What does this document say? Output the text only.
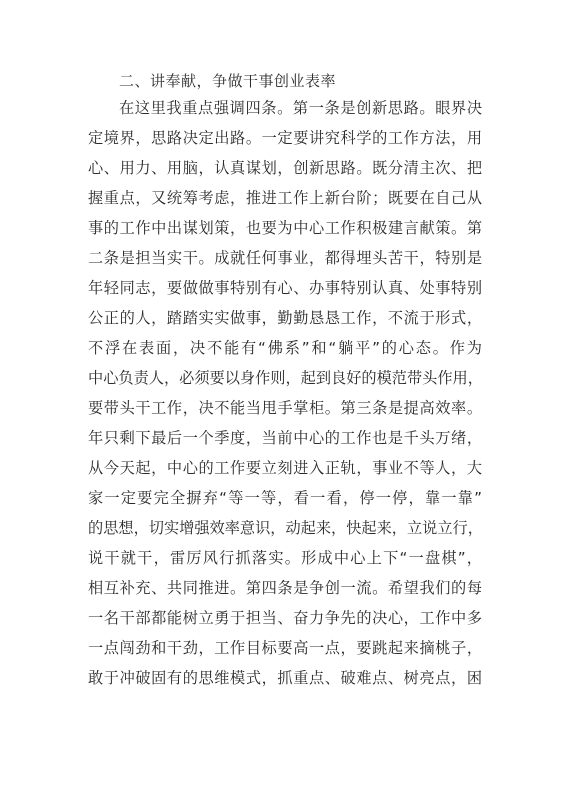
二、讲奉献，争做干事创业表率
在这里我重点强调四条。第一条是创新思路。眼界决
定境界，思路决定出路。一定要讲究科学的工作方法，用
心、用力、用脑，认真谋划，创新思路。既分清主次、把
握重点，又统筹考虑，推进工作上新台阶；既要在自己从
事的工作中出谋划策，也要为中心工作积极建言献策。第
二条是担当实干。成就任何事业，都得埋头苦干，特别是
年轻同志，要做做事特别有心、办事特别认真、处事特别
公正的人，踏踏实实做事，勤勤恳恳工作，不流于形式，
不浮在表面，决不能有“佛系”和“躺平”的心态。作为
中心负责人，必须要以身作则，起到良好的模范带头作用，
要带头干工作，决不能当甩手掌柜。第三条是提高效率。
年只剩下最后一个季度，当前中心的工作也是千头万绪，
从今天起，中心的工作要立刻进入正轨，事业不等人，大
家一定要完全摒弃“等一等，看一看，停一停，靠一靠”
的思想，切实增强效率意识，动起来，快起来，立说立行，
说干就干，雷厉风行抓落实。形成中心上下“一盘棋”，
相互补充、共同推进。第四条是争创一流。希望我们的每
一名干部都能树立勇于担当、奋力争先的决心，工作中多
一点闯劲和干劲，工作目标要高一点，要跳起来摘桃子，
敢于冲破固有的思维模式，抓重点、破难点、树亮点，困
